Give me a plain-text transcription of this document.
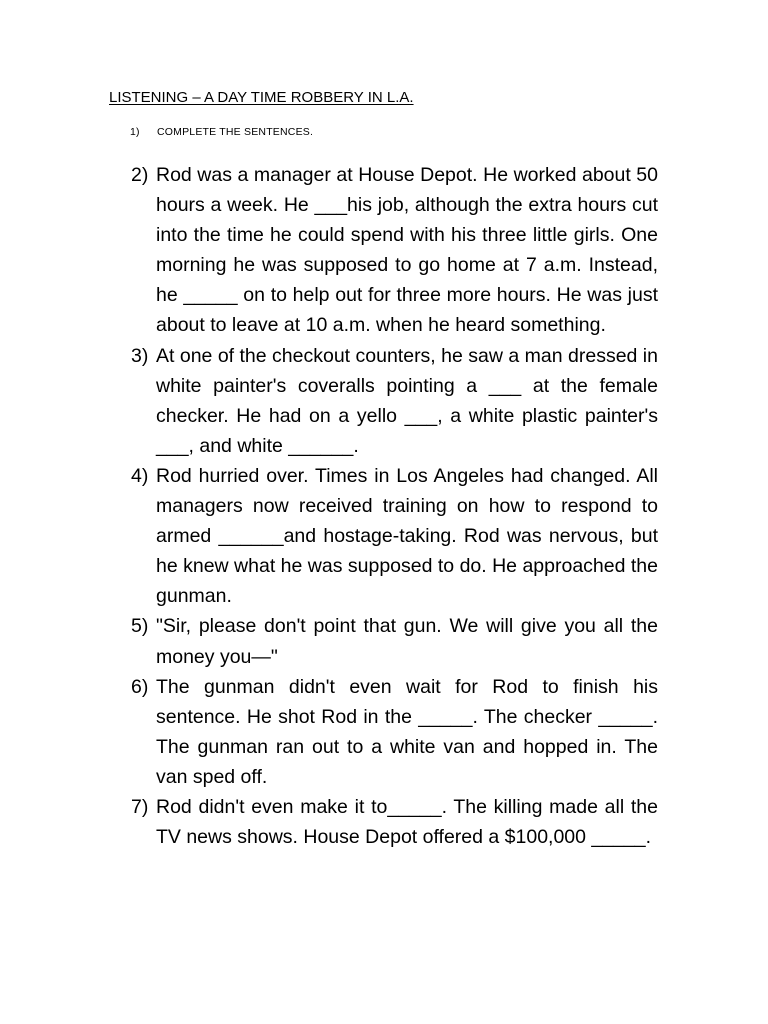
LISTENING – A DAY TIME ROBBERY IN L.A.
1) COMPLETE THE SENTENCES.
2) Rod was a manager at House Depot. He worked about 50 hours a week. He ___his job, although the extra hours cut into the time he could spend with his three little girls. One morning he was supposed to go home at 7 a.m. Instead, he _____ on to help out for three more hours. He was just about to leave at 10 a.m. when he heard something.
3) At one of the checkout counters, he saw a man dressed in white painter's coveralls pointing a ___ at the female checker. He had on a yello ___, a white plastic painter's ___, and white ______.
4) Rod hurried over. Times in Los Angeles had changed. All managers now received training on how to respond to armed ______and hostage-taking. Rod was nervous, but he knew what he was supposed to do. He approached the gunman.
5) "Sir, please don't point that gun. We will give you all the money you—"
6) The gunman didn't even wait for Rod to finish his sentence. He shot Rod in the _____. The checker _____. The gunman ran out to a white van and hopped in. The van sped off.
7) Rod didn't even make it to_____. The killing made all the TV news shows. House Depot offered a $100,000 _____.
